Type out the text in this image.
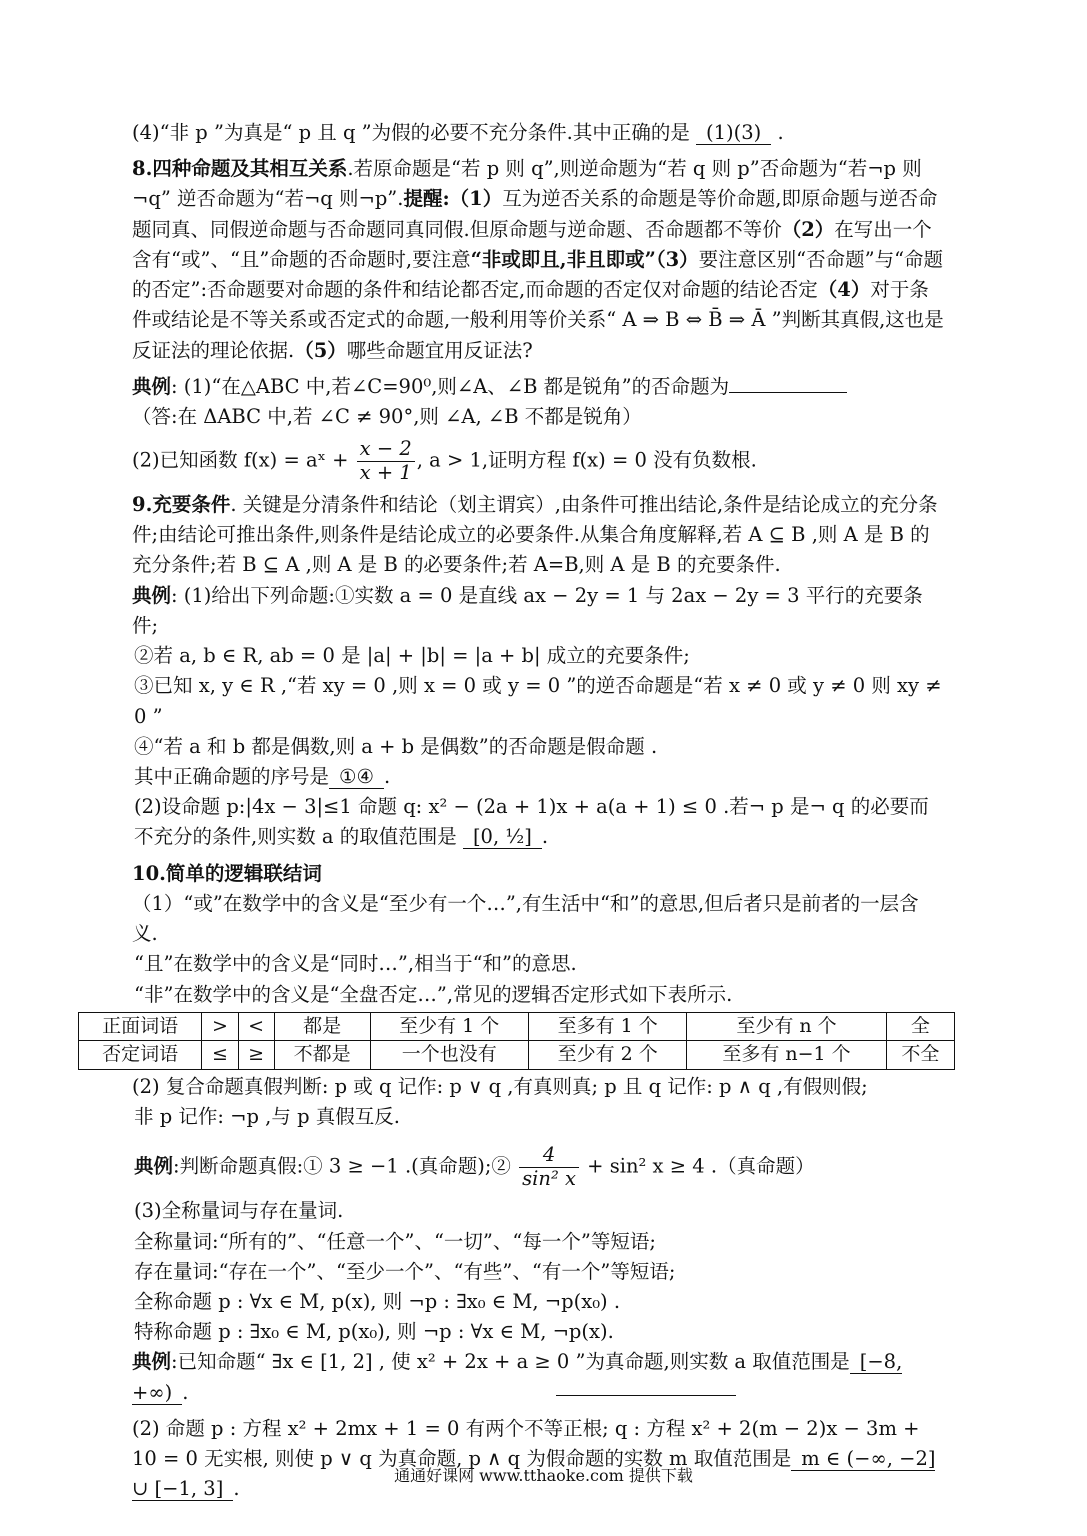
(4)“非 p ”为真是“ p 且 q ”为假的必要不充分条件.其中正确的是 (1)(3) .

8.四种命题及其相互关系.若原命题是“若 p 则 q”,则逆命题为“若 q 则 p”否命题为“若¬p 则¬q” 逆否命题为“若¬q 则¬p”.提醒:（1）互为逆否关系的命题是等价命题,即原命题与逆否命题同真、同假逆命题与否命题同真同假.但原命题与逆命题、否命题都不等价（2）在写出一个含有“或”、“且”命题的否命题时,要注意“非或即且,非且即或”（3）要注意区别“否命题”与“命题的否定”:否命题要对命题的条件和结论都否定,而命题的否定仅对命题的结论否定（4）对于条件或结论是不等关系或否定式的命题,一般利用等价关系“ A ⇒ B ⇔ B̄ ⇒ Ā ”判断其真假,这也是反证法的理论依据.（5）哪些命题宜用反证法?

典例: (1)“在△ABC 中,若∠C=90⁰,则∠A、∠B 都是锐角”的否命题为

（答:在 ΔABC 中,若 ∠C ≠ 90°,则 ∠A, ∠B 不都是锐角）

(2)已知函数 f(x) = aˣ + $\frac{x - 2}{x + 1}$ , a > 1,证明方程 f(x) = 0 没有负数根.

9.充要条件. 关键是分清条件和结论（划主谓宾）,由条件可推出结论,条件是结论成立的充分条件;由结论可推出条件,则条件是结论成立的必要条件.从集合角度解释,若 A ⊆ B ,则 A 是 B 的充分条件;若 B ⊆ A ,则 A 是 B 的必要条件;若 A=B,则 A 是 B 的充要条件.

典例: (1)给出下列命题:①实数 a = 0 是直线 ax − 2y = 1 与 2ax − 2y = 3 平行的充要条件;

②若 a, b ∈ R, ab = 0 是 |a| + |b| = |a + b| 成立的充要条件;

③已知 x, y ∈ R ,“若 xy = 0 ,则 x = 0 或 y = 0 ”的逆否命题是“若 x ≠ 0 或 y ≠ 0 则 xy ≠ 0 ”

④“若 a 和 b 都是偶数,则 a + b 是偶数”的否命题是假命题 .

其中正确命题的序号是 ①④ .

(2)设命题 p:|4x − 3|≤1 命题 q: x² − (2a + 1)x + a(a + 1) ≤ 0 .若¬ p 是¬ q 的必要而不充分的条件,则实数 a 的取值范围是 [0, ½] .

10.简单的逻辑联结词

（1）“或”在数学中的含义是“至少有一个…”,有生活中“和”的意思,但后者只是前者的一层含义.

“且”在数学中的含义是“同时…”,相当于“和”的意思.

“非”在数学中的含义是“全盘否定…”,常见的逻辑否定形式如下表所示.

正面词语	>	<	都是	至少有 1 个	至多有 1 个	至少有 n 个	全
否定词语	≤	≥	不都是	一个也没有	至少有 2 个	至多有 n−1 个	不全

(2) 复合命题真假判断: p 或 q 记作: p ∨ q ,有真则真; p 且 q 记作: p ∧ q ,有假则假;

非 p 记作: ¬p ,与 p 真假互反.

典例:判断命题真假:① 3 ≥ −1 .(真命题);② $\frac{4}{\text{sin² x}} + \sin^2$ x ≥ 4 .（真命题）

(3)全称量词与存在量词.

全称量词:“所有的”、“任意一个”、“一切”、“每一个”等短语;

存在量词:“存在一个”、“至少一个”、“有些”、“有一个”等短语;

全称命题 p : ∀x ∈ M, p(x), 则 ¬p : ∃x₀ ∈ M, ¬p(x₀) .

特称命题 p : ∃x₀ ∈ M, p(x₀), 则 ¬p : ∀x ∈ M, ¬p(x).

典例:已知命题“ ∃x ∈ [1, 2] , 使 x² + 2x + a ≥ 0 ”为真命题,则实数 a 取值范围是 [−8, +∞) .

(2) 命题 p : 方程 x² + 2mx + 1 = 0 有两个不等正根; q : 方程 x² + 2(m − 2)x − 3m + 10 = 0 无实根, 则使 p ∨ q 为真命题, p ∧ q 为假命题的实数 m 取值范围是 m ∈ (−∞, −2] ∪ [−1, 3] .

通通好课网 www.tthaoke.com 提供下载
